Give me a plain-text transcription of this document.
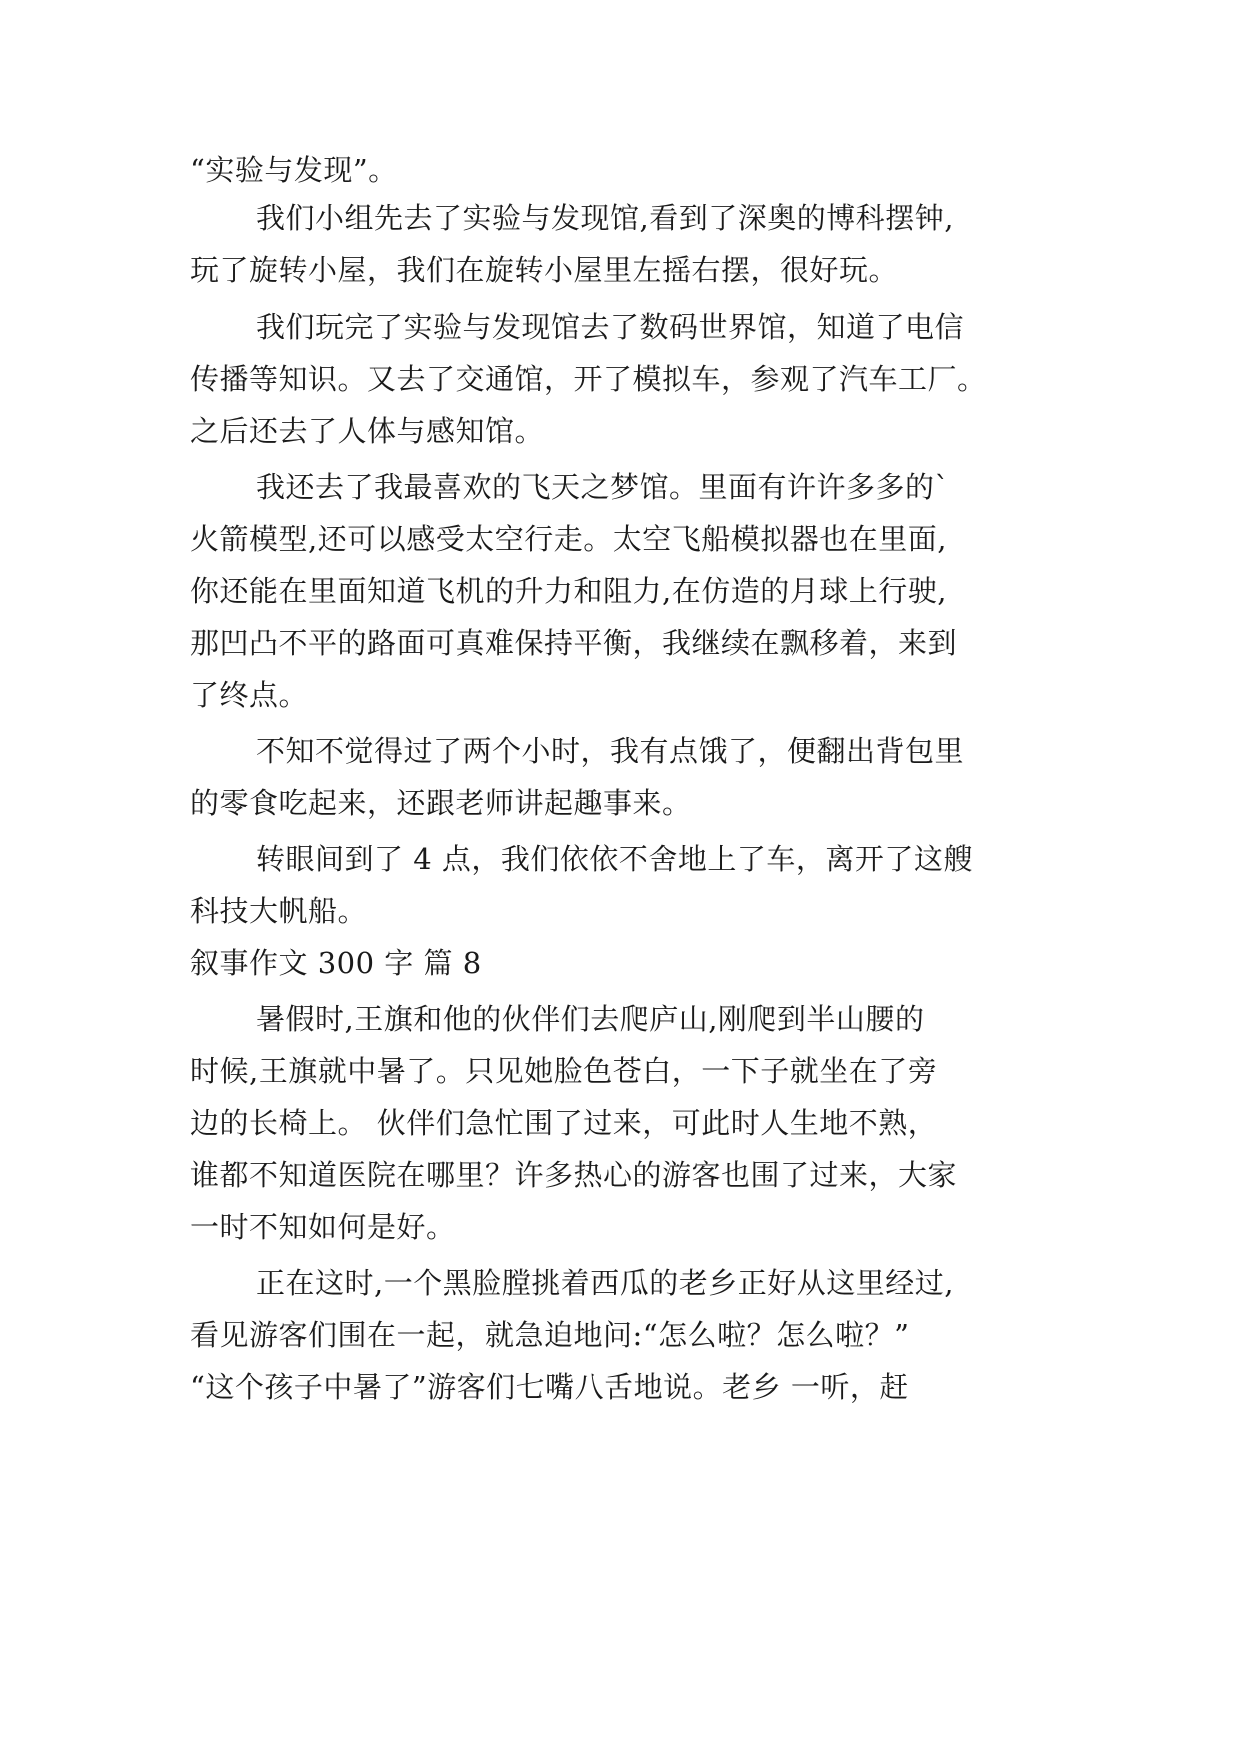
“实验与发现”。
我们小组先去了实验与发现馆,看到了深奥的博科摆钟,
玩了旋转小屋，我们在旋转小屋里左摇右摆，很好玩。
我们玩完了实验与发现馆去了数码世界馆，知道了电信
传播等知识。又去了交通馆，开了模拟车，参观了汽车工厂。
之后还去了人体与感知馆。
我还去了我最喜欢的飞天之梦馆。里面有许许多多的`
火箭模型,还可以感受太空行走。太空飞船模拟器也在里面,
你还能在里面知道飞机的升力和阻力,在仿造的月球上行驶,
那凹凸不平的路面可真难保持平衡，我继续在飘移着，来到
了终点。
不知不觉得过了两个小时，我有点饿了，便翻出背包里
的零食吃起来，还跟老师讲起趣事来。
转眼间到了 4 点，我们依依不舍地上了车，离开了这艘
科技大帆船。
叙事作文 300 字 篇 8
暑假时,王旗和他的伙伴们去爬庐山,刚爬到半山腰的
时候,王旗就中暑了。只见她脸色苍白，一下子就坐在了旁
边的长椅上。 伙伴们急忙围了过来，可此时人生地不熟，
谁都不知道医院在哪里？许多热心的游客也围了过来，大家
一时不知如何是好。
正在这时,一个黑脸膛挑着西瓜的老乡正好从这里经过,
看见游客们围在一起，就急迫地问:“怎么啦？怎么啦？”
“这个孩子中暑了”游客们七嘴八舌地说。老乡 一听，赶
